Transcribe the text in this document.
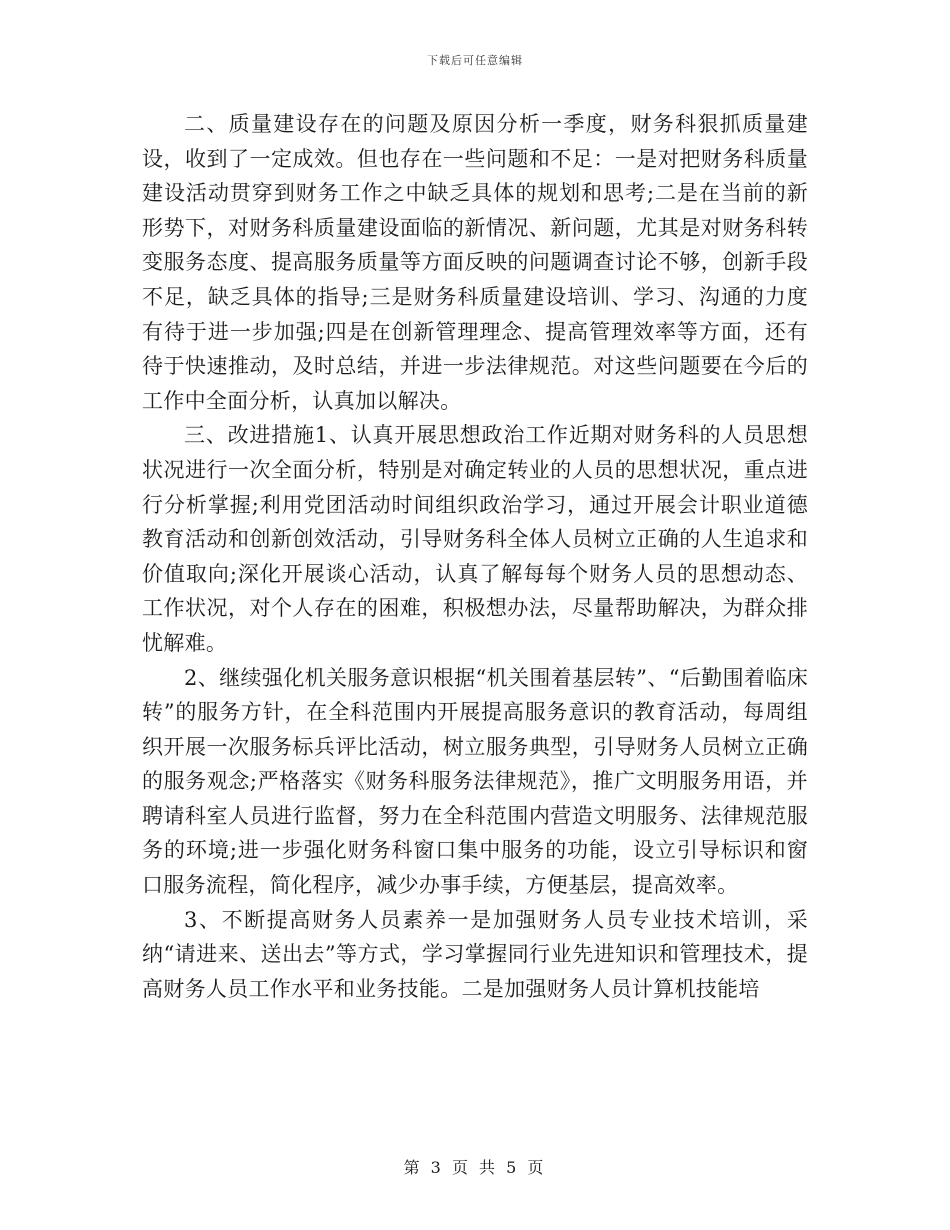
下载后可任意编辑

二、质量建设存在的问题及原因分析一季度，财务科狠抓质量建设，收到了一定成效。但也存在一些问题和不足：一是对把财务科质量建设活动贯穿到财务工作之中缺乏具体的规划和思考;二是在当前的新形势下，对财务科质量建设面临的新情况、新问题，尤其是对财务科转变服务态度、提高服务质量等方面反映的问题调查讨论不够，创新手段不足，缺乏具体的指导;三是财务科质量建设培训、学习、沟通的力度有待于进一步加强;四是在创新管理理念、提高管理效率等方面，还有待于快速推动，及时总结，并进一步法律规范。对这些问题要在今后的工作中全面分析，认真加以解决。

三、改进措施1、认真开展思想政治工作近期对财务科的人员思想状况进行一次全面分析，特别是对确定转业的人员的思想状况，重点进行分析掌握;利用党团活动时间组织政治学习，通过开展会计职业道德教育活动和创新创效活动，引导财务科全体人员树立正确的人生追求和价值取向;深化开展谈心活动，认真了解每每个财务人员的思想动态、工作状况，对个人存在的困难，积极想办法，尽量帮助解决，为群众排忧解难。

2、继续强化机关服务意识根据“机关围着基层转”、“后勤围着临床转”的服务方针，在全科范围内开展提高服务意识的教育活动，每周组织开展一次服务标兵评比活动，树立服务典型，引导财务人员树立正确的服务观念;严格落实《财务科服务法律规范》，推广文明服务用语，并聘请科室人员进行监督，努力在全科范围内营造文明服务、法律规范服务的环境;进一步强化财务科窗口集中服务的功能，设立引导标识和窗口服务流程，简化程序，减少办事手续，方便基层，提高效率。

3、不断提高财务人员素养一是加强财务人员专业技术培训，采纳“请进来、送出去”等方式，学习掌握同行业先进知识和管理技术，提高财务人员工作水平和业务技能。二是加强财务人员计算机技能培

第 3 页 共 5 页
